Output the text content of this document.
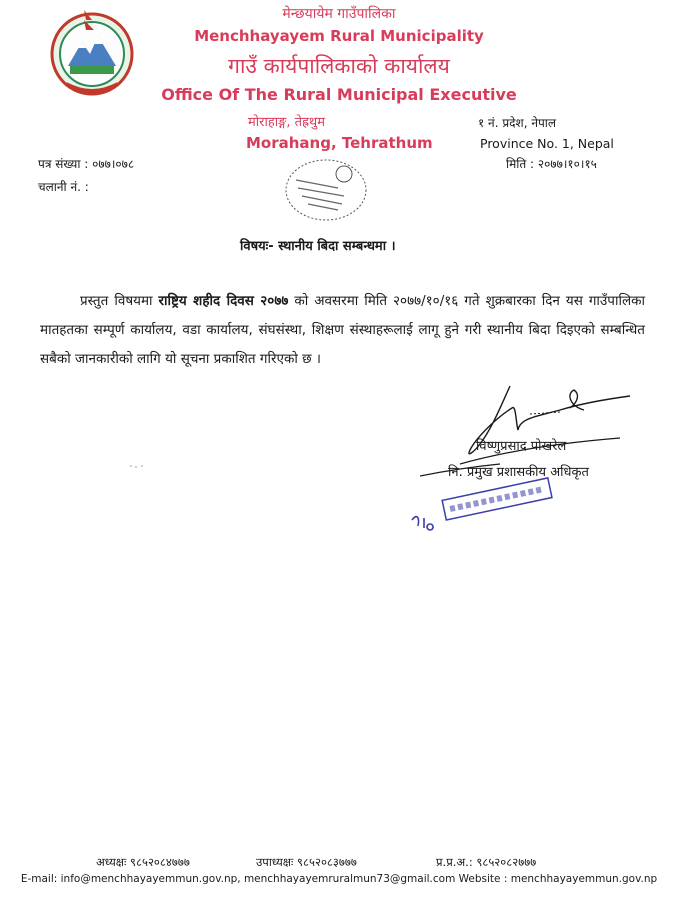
मेन्छयायेम गाउँपालिका
Menchhayayem Rural Municipality
गाउँ कार्यपालिकाको कार्यालय
Office Of The Rural Municipal Executive
मोराहाङ्ग, तेह्रथुम
Morahang, Tehrathum
१ नं. प्रदेश, नेपाल
Province No. 1, Nepal
मिति : २०७७।१०।१५
पत्र संख्या : ०७७।०७८
चलानी नं. :
विषयः- स्थानीय बिदा सम्बन्धमा ।
प्रस्तुत विषयमा राष्ट्रिय शहीद दिवस २०७७ को अवसरमा मिति २०७७/१०/१६ गते शुक्रबारका दिन यस गाउँपालिका मातहतका सम्पूर्ण कार्यालय, वडा कार्यालय, संघसंस्था, शिक्षण संस्थाहरूलाई लागू हुने गरी स्थानीय बिदा दिइएको सम्बन्धित सबैको जानकारीको लागि यो सूचना प्रकाशित गरिएको छ ।
विष्णुप्रसाद पोखरेल
नि. प्रमुख प्रशासकीय अधिकृत
अध्यक्षः ९८५२०८४७७७	उपाध्यक्षः ९८५२०८३७७७	प्र.प्र.अ.: ९८५२०८२७७७
E-mail: info@menchhayayemmun.gov.np, menchhayayemruralmun73@gmail.com Website : menchhayayemmun.gov.np
